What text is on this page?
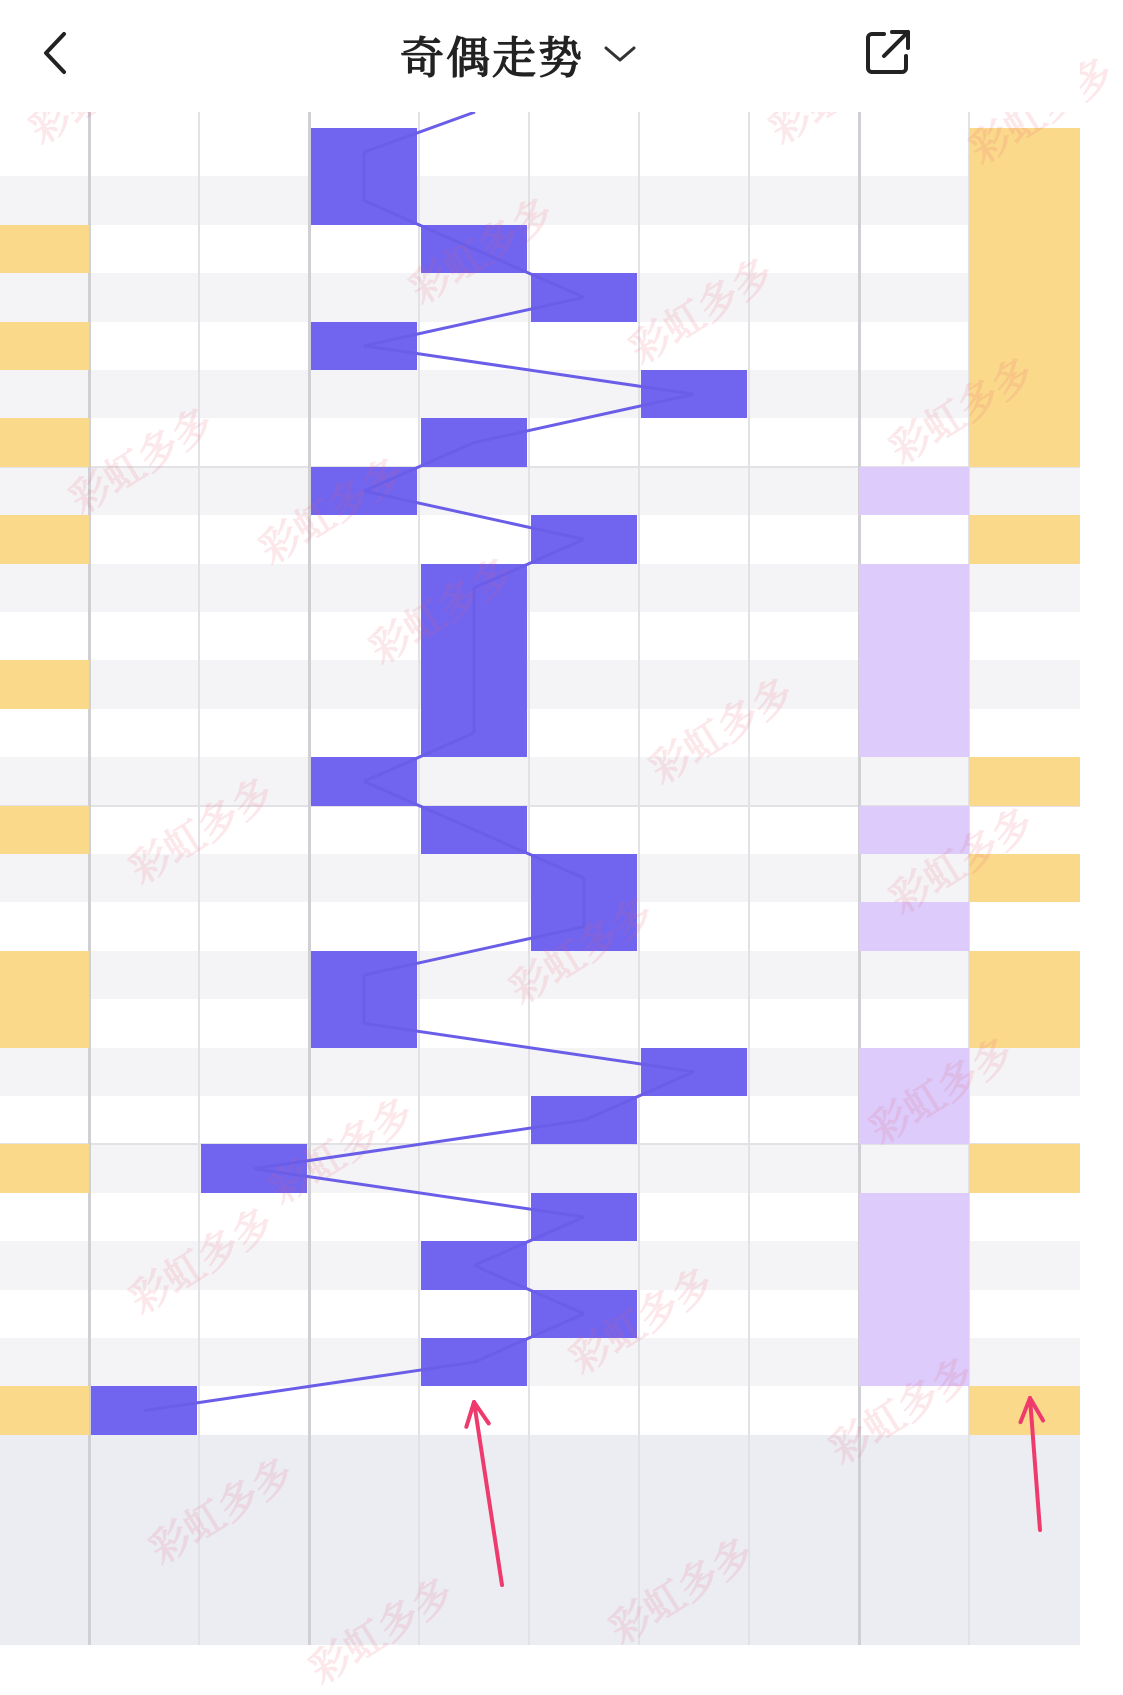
彩虹多多
彩虹多多
彩虹多多
彩虹多多
彩虹多多
奇偶走势
